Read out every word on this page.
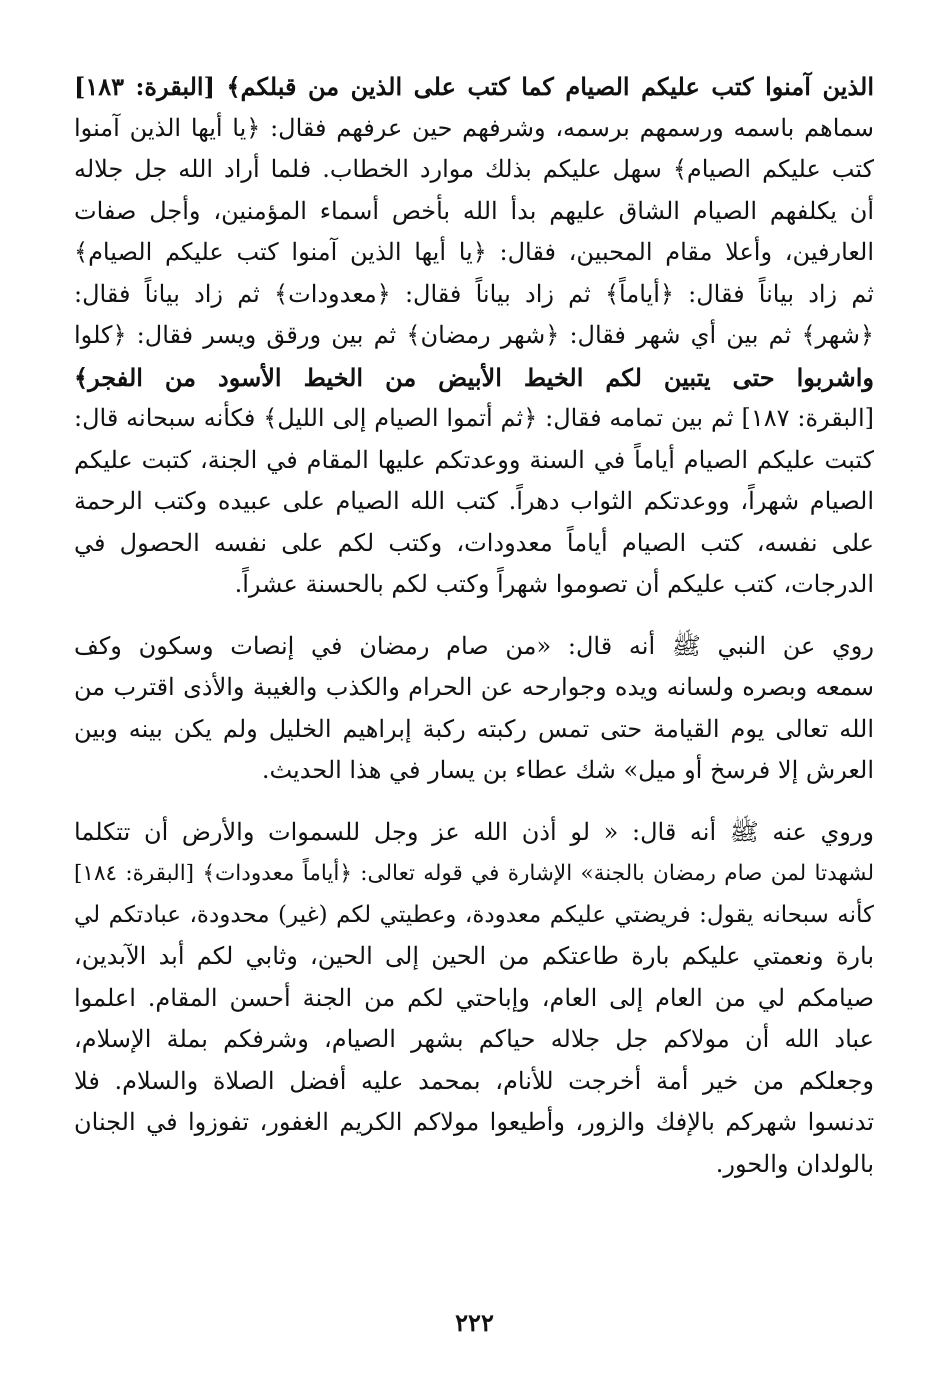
الذين آمنوا كتب عليكم الصيام كما كتب على الذين من قبلكم﴾ [البقرة: ١٨٣]
سماهم باسمه ورسمهم برسمه، وشرفهم حين عرفهم فقال: ﴿يا أيها الذين آمنوا
كتب عليكم الصيام﴾ سهل عليكم بذلك موارد الخطاب. فلما أراد الله جل جلاله
أن يكلفهم الصيام الشاق عليهم بدأ الله بأخص أسماء المؤمنين، وأجل صفات
العارفين، وأعلا مقام المحبين، فقال: ﴿يا أيها الذين آمنوا كتب عليكم الصيام﴾
ثم زاد بياناً فقال: ﴿أياماً﴾ ثم زاد بياناً فقال: ﴿معدودات﴾ ثم زاد بياناً فقال:
﴿شهر﴾ ثم بين أي شهر فقال: ﴿شهر رمضان﴾ ثم بين ورقق ويسر فقال: ﴿كلوا
واشربوا حتى يتبين لكم الخيط الأبيض من الخيط الأسود من الفجر﴾
[البقرة: ١٨٧] ثم بين تمامه فقال: ﴿ثم أتموا الصيام إلى الليل﴾ فكأنه سبحانه قال:
كتبت عليكم الصيام أياماً في السنة ووعدتكم عليها المقام في الجنة، كتبت عليكم
الصيام شهراً، ووعدتكم الثواب دهراً. كتب الله الصيام على عبيده وكتب الرحمة
على نفسه، كتب الصيام أياماً معدودات، وكتب لكم على نفسه الحصول في
الدرجات، كتب عليكم أن تصوموا شهراً وكتب لكم بالحسنة عشراً.
روي عن النبي ﷺ أنه قال: «من صام رمضان في إنصات وسكون وكف
سمعه وبصره ولسانه ويده وجوارحه عن الحرام والكذب والغيبة والأذى اقترب من
الله تعالى يوم القيامة حتى تمس ركبته ركبة إبراهيم الخليل ولم يكن بينه وبين
العرش إلا فرسخ أو ميل» شك عطاء بن يسار في هذا الحديث.
وروي عنه ﷺ أنه قال: « لو أذن الله عز وجل للسموات والأرض أن تتكلما
لشهدتا لمن صام رمضان بالجنة» الإشارة في قوله تعالى: ﴿أياماً معدودات﴾ [البقرة: ١٨٤]
كأنه سبحانه يقول: فريضتي عليكم معدودة، وعطيتي لكم (غير) محدودة، عبادتكم لي
بارة ونعمتي عليكم بارة طاعتكم من الحين إلى الحين، وثابي لكم أبد الآبدين،
صيامكم لي من العام إلى العام، وإباحتي لكم من الجنة أحسن المقام. اعلموا
عباد الله أن مولاكم جل جلاله حياكم بشهر الصيام، وشرفكم بملة الإسلام،
وجعلكم من خير أمة أخرجت للأنام، بمحمد عليه أفضل الصلاة والسلام. فلا
تدنسوا شهركم بالإفك والزور، وأطيعوا مولاكم الكريم الغفور، تفوزوا في الجنان
بالولدان والحور.
٢٢٢
